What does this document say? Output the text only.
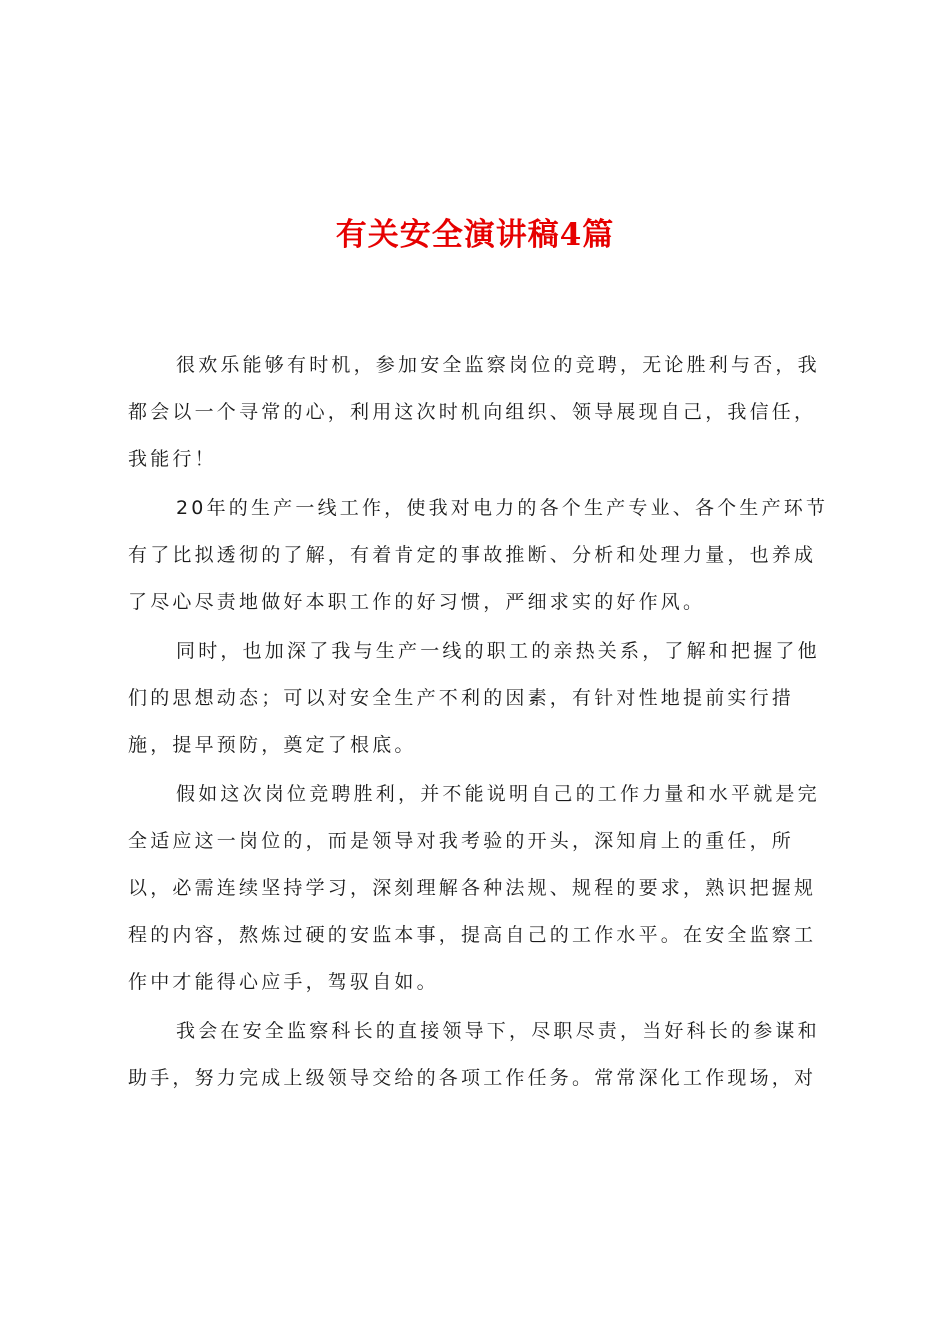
有关安全演讲稿4篇
很欢乐能够有时机，参加安全监察岗位的竞聘，无论胜利与否，我
都会以一个寻常的心，利用这次时机向组织、领导展现自己，我信任，
我能行！
20年的生产一线工作，使我对电力的各个生产专业、各个生产环节
有了比拟透彻的了解，有着肯定的事故推断、分析和处理力量，也养成
了尽心尽责地做好本职工作的好习惯，严细求实的好作风。
同时，也加深了我与生产一线的职工的亲热关系，了解和把握了他
们的思想动态；可以对安全生产不利的因素，有针对性地提前实行措
施，提早预防，奠定了根底。
假如这次岗位竞聘胜利，并不能说明自己的工作力量和水平就是完
全适应这一岗位的，而是领导对我考验的开头，深知肩上的重任，所
以，必需连续坚持学习，深刻理解各种法规、规程的要求，熟识把握规
程的内容，熬炼过硬的安监本事，提高自己的工作水平。在安全监察工
作中才能得心应手，驾驭自如。
我会在安全监察科长的直接领导下，尽职尽责，当好科长的参谋和
助手，努力完成上级领导交给的各项工作任务。常常深化工作现场，对
